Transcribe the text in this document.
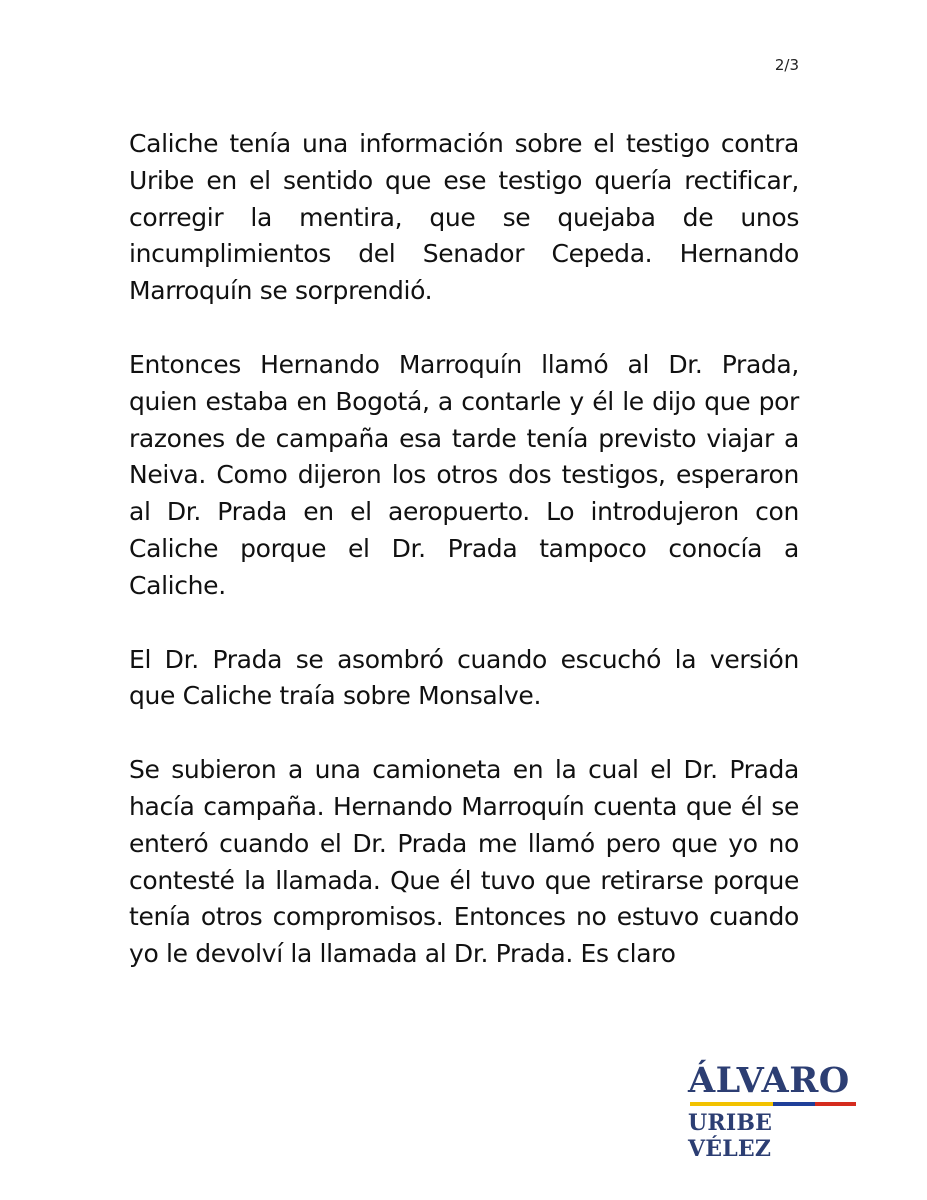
2/3

Caliche tenía una información sobre el testigo contra Uribe en el sentido que ese testigo quería rectificar, corregir la mentira, que se quejaba de unos incumplimientos del Senador Cepeda. Hernando Marroquín se sorprendió.

Entonces Hernando Marroquín llamó al Dr. Prada, quien estaba en Bogotá, a contarle y él le dijo que por razones de campaña esa tarde tenía previsto viajar a Neiva. Como dijeron los otros dos testigos, esperaron al Dr. Prada en el aeropuerto. Lo introdujeron con Caliche porque el Dr. Prada tampoco conocía a Caliche.

El Dr. Prada se asombró cuando escuchó la versión que Caliche traía sobre Monsalve.

Se subieron a una camioneta en la cual el Dr. Prada hacía campaña. Hernando Marroquín cuenta que él se enteró cuando el Dr. Prada me llamó pero que yo no contesté la llamada. Que él tuvo que retirarse porque tenía otros compromisos. Entonces no estuvo cuando yo le devolví la llamada al Dr. Prada. Es claro

ÁLVARO
URIBE VÉLEZ
